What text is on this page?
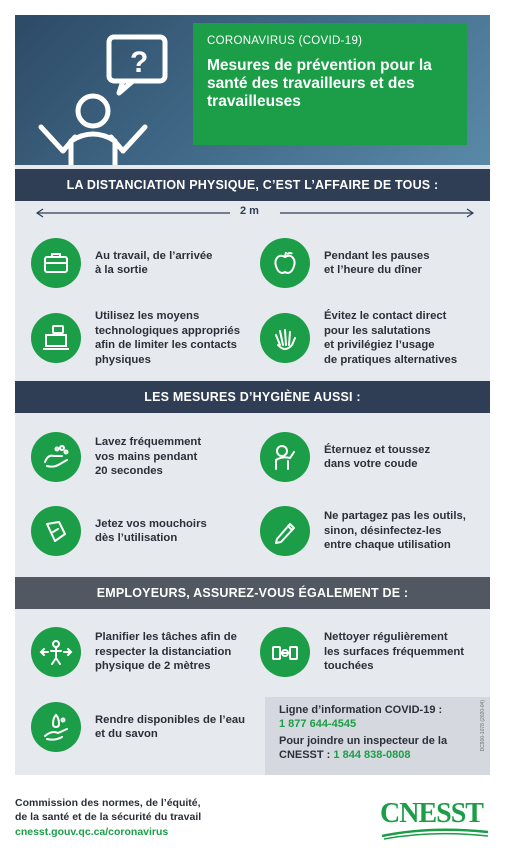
?
CORONAVIRUS (COVID-19)
Mesures de prévention pour la santé des travailleurs et des travailleuses
LA DISTANCIATION PHYSIQUE, C’EST L’AFFAIRE DE TOUS :
2 m
Au travail, de l’arrivée
à la sortie
Pendant les pauses
et l’heure du dîner
Utilisez les moyens
technologiques appropriés
afin de limiter les contacts
physiques
Évitez le contact direct
pour les salutations
et privilégiez l’usage
de pratiques alternatives
LES MESURES D’HYGIÈNE AUSSI :
Lavez fréquemment
vos mains pendant
20 secondes
Éternuez et toussez
dans votre coude
Jetez vos mouchoirs
dès l’utilisation
Ne partagez pas les outils,
sinon, désinfectez-les
entre chaque utilisation
EMPLOYEURS, ASSUREZ-VOUS ÉGALEMENT DE :
Planifier les tâches afin de
respecter la distanciation
physique de 2 mètres
Nettoyer régulièrement
les surfaces fréquemment
touchées
Rendre disponibles de l’eau
et du savon
Ligne d’information COVID-19 :
1 877 644-4545
Pour joindre un inspecteur de la
CNESST : 1 844 838-0808
DC900-1078 (2020-04)
Commission des normes, de l’équité,
de la santé et de la sécurité du travail
cnesst.gouv.qc.ca/coronavirus
CNESST
